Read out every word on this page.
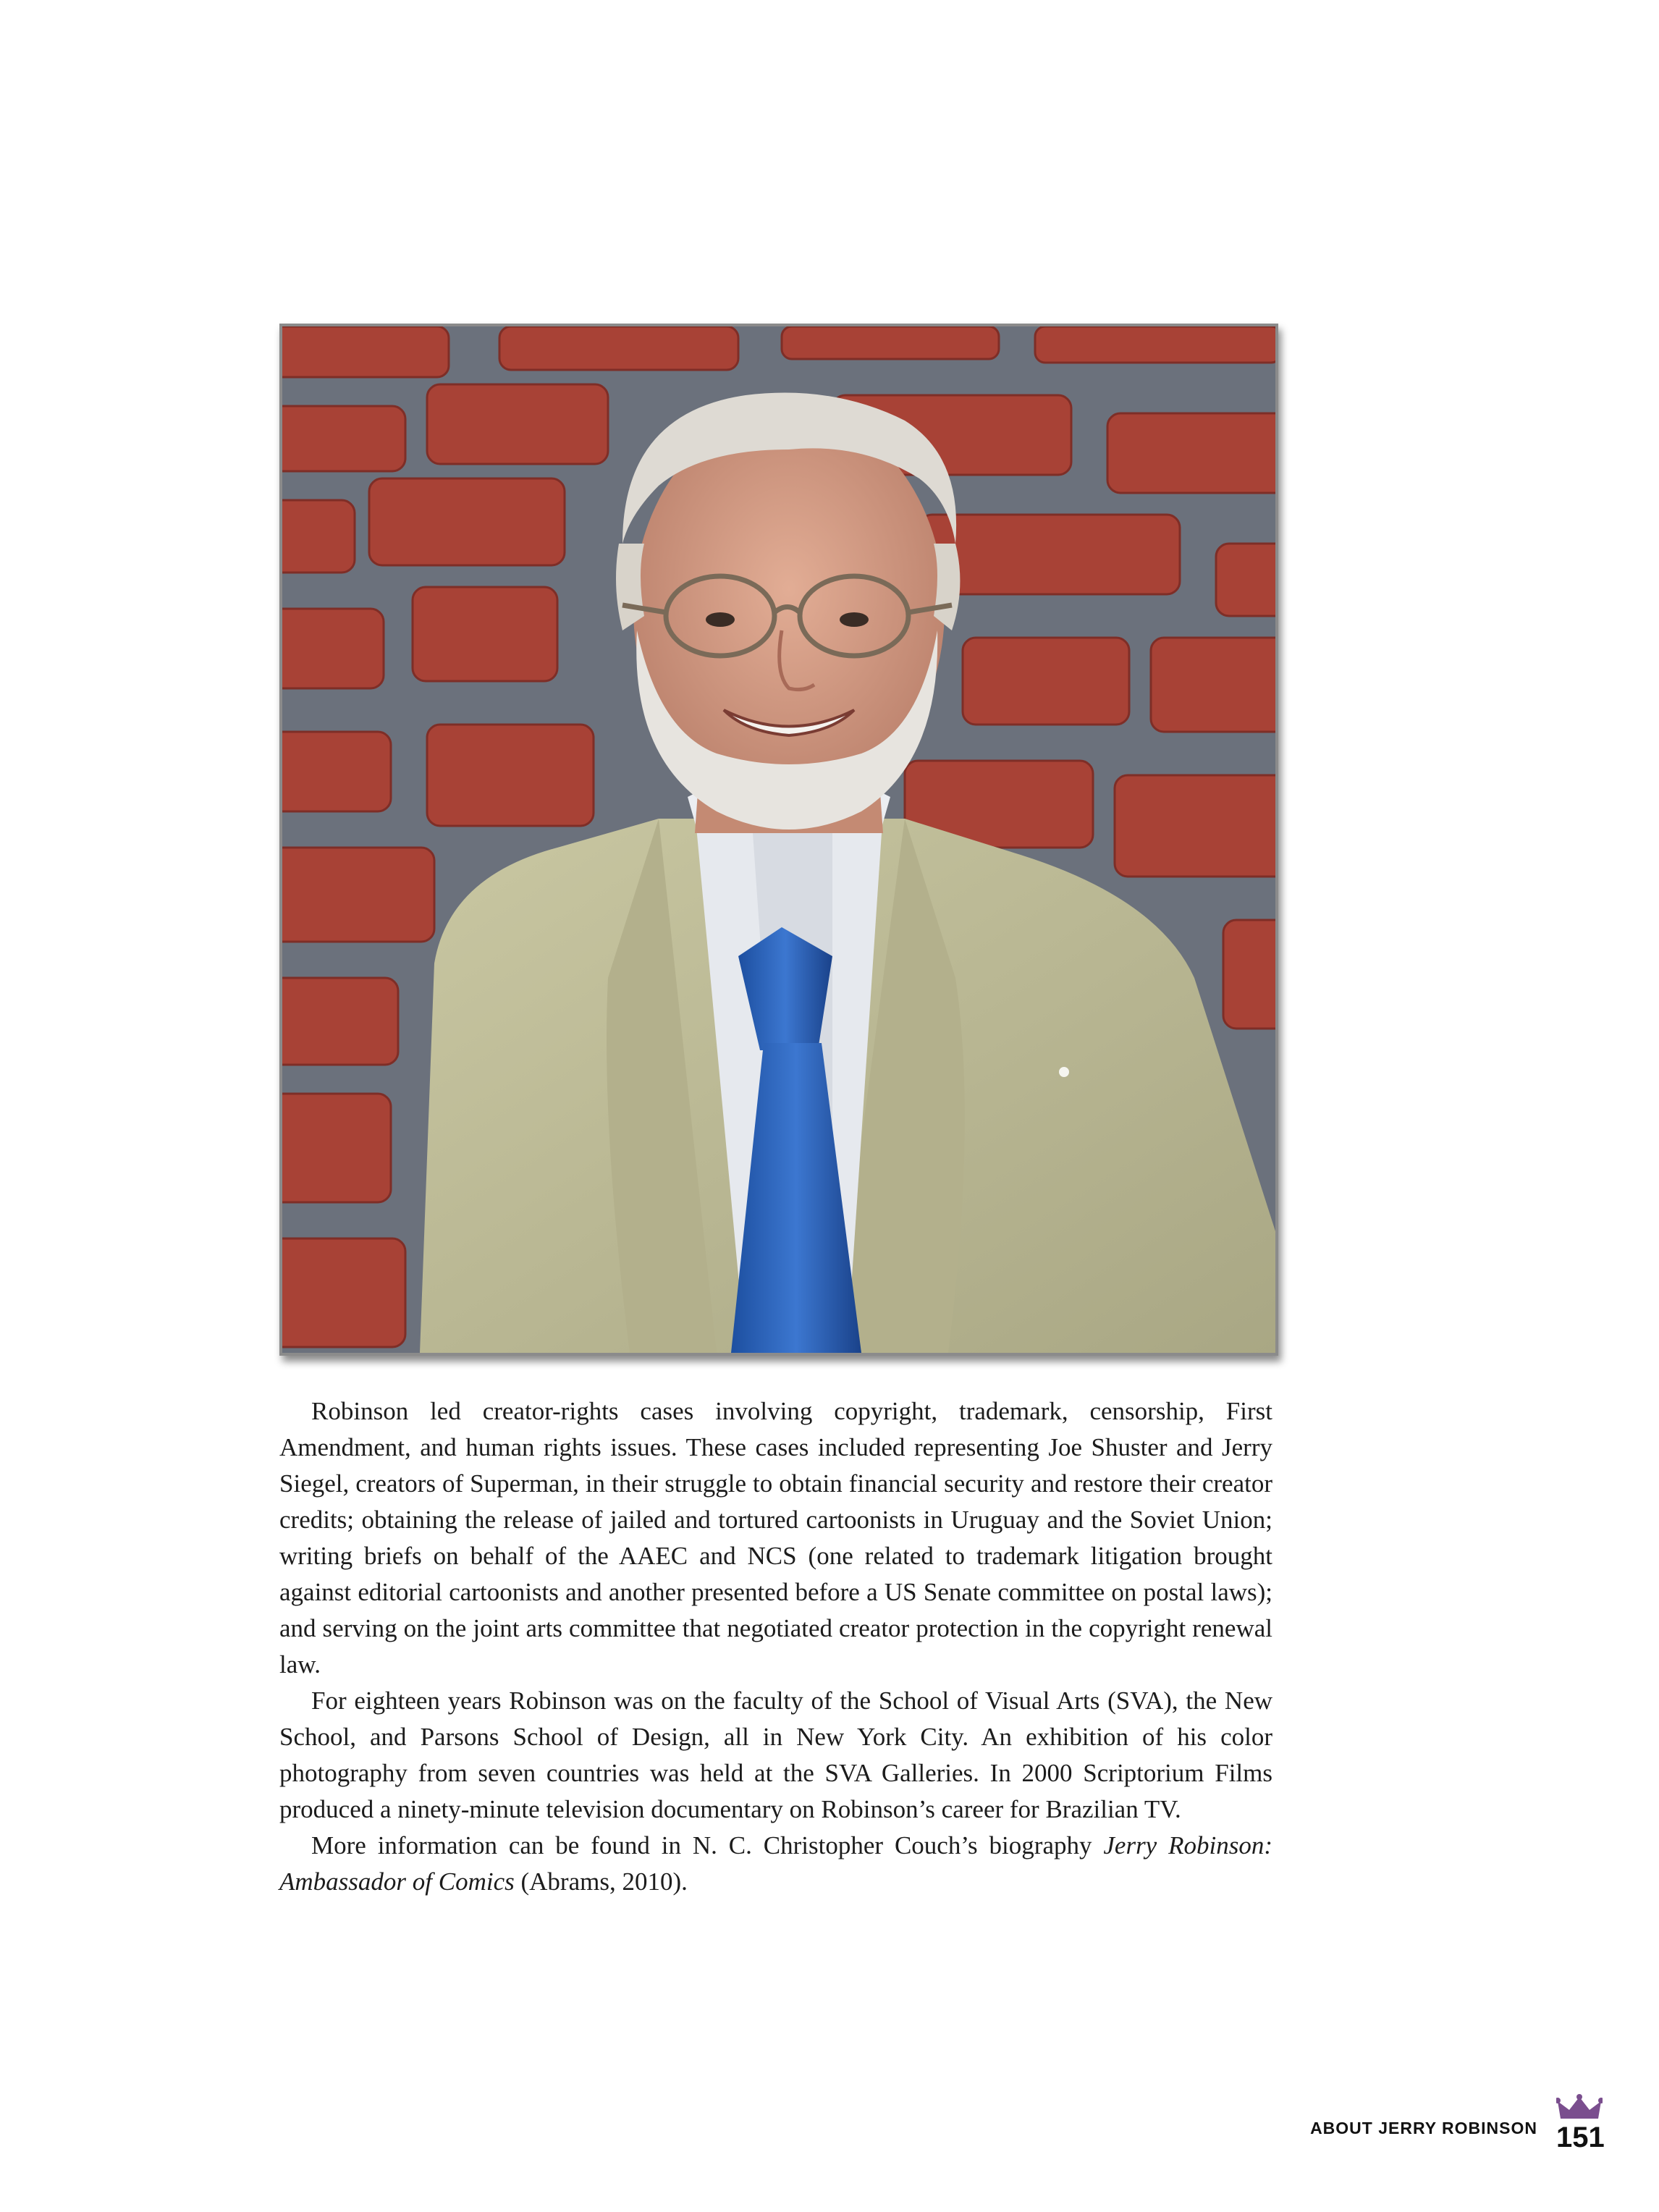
Robinson led creator-rights cases involving copyright, trademark, censorship, First Amendment, and human rights issues. These cases included representing Joe Shuster and Jerry Siegel, creators of Superman, in their struggle to obtain financial security and restore their creator credits; obtaining the release of jailed and tortured cartoonists in Uruguay and the Soviet Union; writing briefs on behalf of the AAEC and NCS (one related to trademark litigation brought against editorial cartoonists and another presented before a US Senate committee on postal laws); and serving on the joint arts committee that negotiated creator protection in the copyright renewal law.

For eighteen years Robinson was on the faculty of the School of Visual Arts (SVA), the New School, and Parsons School of Design, all in New York City. An exhibition of his color photography from seven countries was held at the SVA Galleries. In 2000 Scriptorium Films produced a ninety-minute television documentary on Robinson’s career for Brazilian TV.

More information can be found in N. C. Christopher Couch’s biography Jerry Robinson: Ambassador of Comics (Abrams, 2010).

ABOUT JERRY ROBINSON 151
